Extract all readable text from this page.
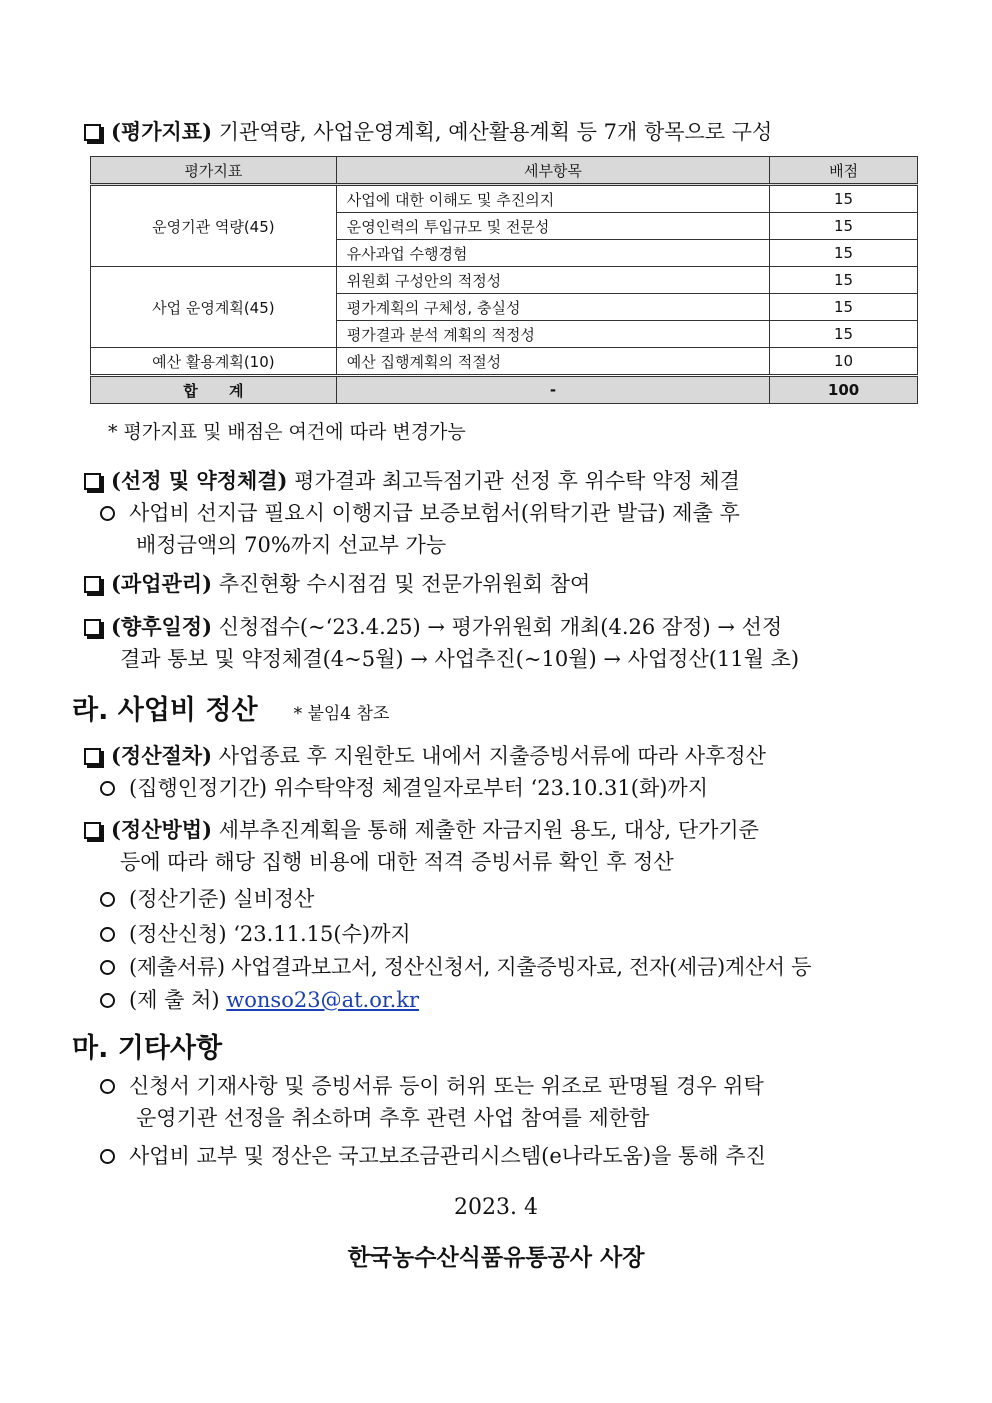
(평가지표) 기관역량, 사업운영계획, 예산활용계획 등 7개 항목으로 구성
평가지표	세부항목	배점
운영기관 역량(45)	사업에 대한 이해도 및 추진의지	15
	운영인력의 투입규모 및 전문성	15
	유사과업 수행경험	15
사업 운영계획(45)	위원회 구성안의 적정성	15
	평가계획의 구체성, 충실성	15
	평가결과 분석 계획의 적정성	15
예산 활용계획(10)	예산 집행계획의 적절성	10
합      계	-	100
* 평가지표 및 배점은 여건에 따라 변경가능
(선정 및 약정체결) 평가결과 최고득점기관 선정 후 위수탁 약정 체결
사업비 선지급 필요시 이행지급 보증보험서(위탁기관 발급) 제출 후
배정금액의 70%까지 선교부 가능
(과업관리) 추진현황 수시점검 및 전문가위원회 참여
(향후일정) 신청접수(~‘23.4.25) → 평가위원회 개최(4.26 잠정) → 선정
결과 통보 및 약정체결(4~5월) → 사업추진(~10월) → 사업정산(11월 초)
라. 사업비 정산 * 붙임4 참조
(정산절차) 사업종료 후 지원한도 내에서 지출증빙서류에 따라 사후정산
(집행인정기간) 위수탁약정 체결일자로부터 ‘23.10.31(화)까지
(정산방법) 세부추진계획을 통해 제출한 자금지원 용도, 대상, 단가기준
등에 따라 해당 집행 비용에 대한 적격 증빙서류 확인 후 정산
(정산기준) 실비정산
(정산신청) ‘23.11.15(수)까지
(제출서류) 사업결과보고서, 정산신청서, 지출증빙자료, 전자(세금)계산서 등
(제 출 처) wonso23@at.or.kr
마. 기타사항
신청서 기재사항 및 증빙서류 등이 허위 또는 위조로 판명될 경우 위탁
운영기관 선정을 취소하며 추후 관련 사업 참여를 제한함
사업비 교부 및 정산은 국고보조금관리시스템(e나라도움)을 통해 추진
2023. 4
한국농수산식품유통공사 사장
